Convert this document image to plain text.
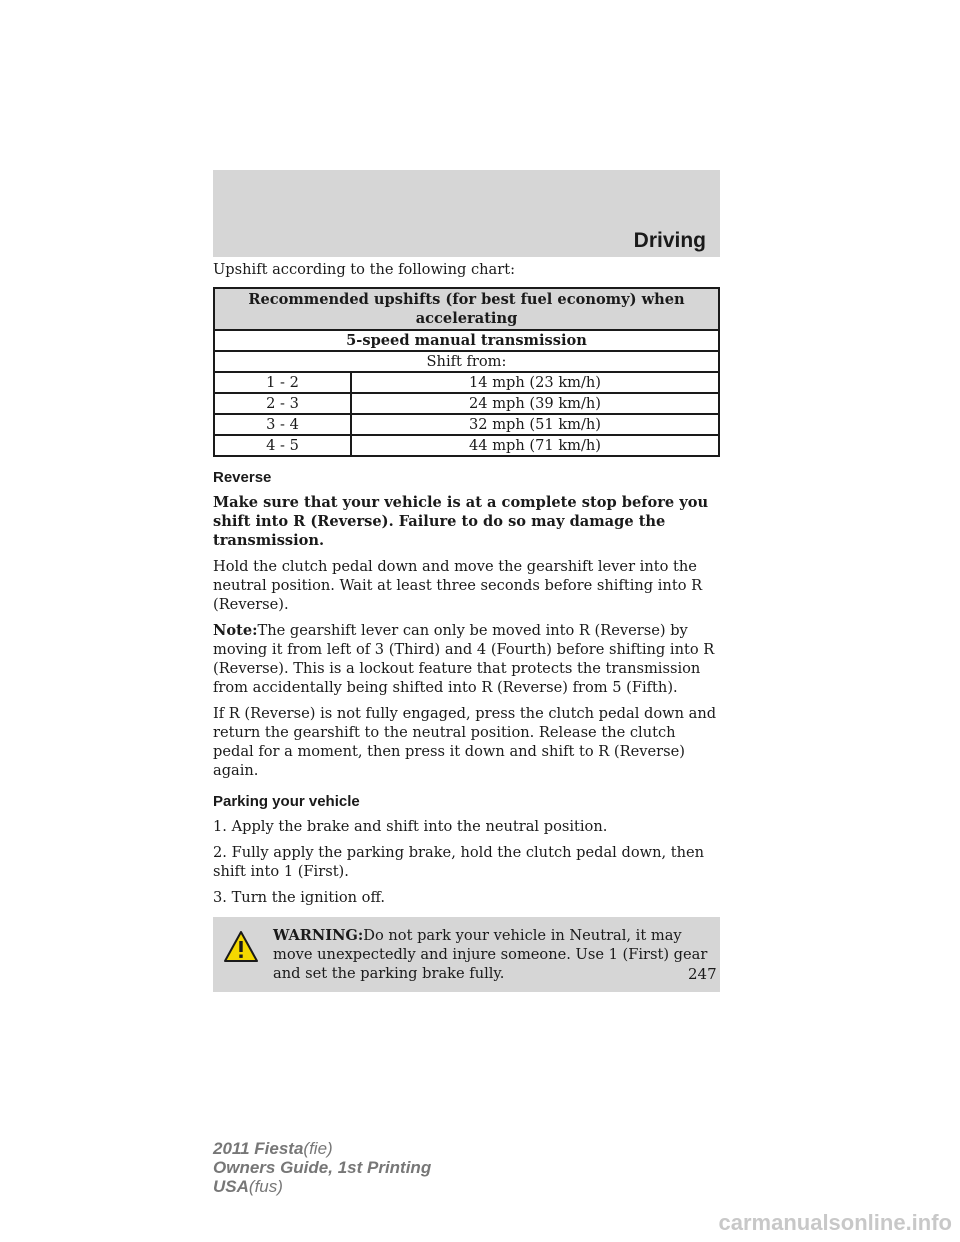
Driving

Upshift according to the following chart:

Recommended upshifts (for best fuel economy) when accelerating	
5-speed manual transmission	
Shift from:	
1 - 2	14 mph (23 km/h)
2 - 3	24 mph (39 km/h)
3 - 4	32 mph (51 km/h)
4 - 5	44 mph (71 km/h)
Reverse

Make sure that your vehicle is at a complete stop before you shift into R (Reverse). Failure to do so may damage the transmission.

Hold the clutch pedal down and move the gearshift lever into the neutral position. Wait at least three seconds before shifting into R (Reverse).

Note:The gearshift lever can only be moved into R (Reverse) by moving it from left of 3 (Third) and 4 (Fourth) before shifting into R (Reverse). This is a lockout feature that protects the transmission from accidentally being shifted into R (Reverse) from 5 (Fifth).

If R (Reverse) is not fully engaged, press the clutch pedal down and return the gearshift to the neutral position. Release the clutch pedal for a moment, then press it down and shift to R (Reverse) again.

Parking your vehicle

1. Apply the brake and shift into the neutral position.

2. Fully apply the parking brake, hold the clutch pedal down, then shift into 1 (First).

3. Turn the ignition off.

WARNING:Do not park your vehicle in Neutral, it may move unexpectedly and injure someone. Use 1 (First) gear and set the parking brake fully.	247
2011 Fiesta(fie)
Owners Guide, 1st Printing
USA(fus)
carmanualsonline.info
